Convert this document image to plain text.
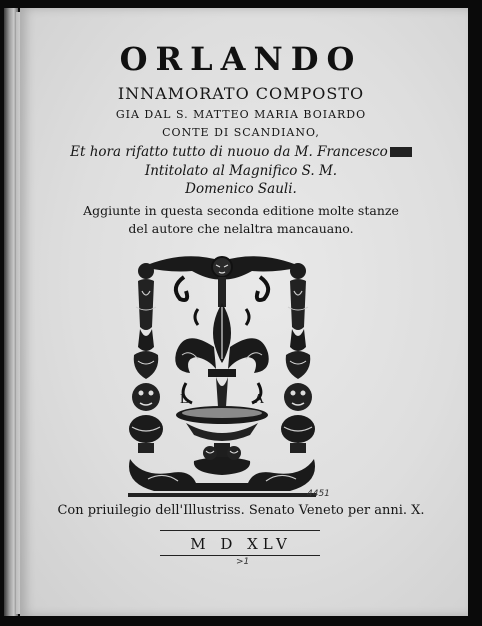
ORLANDO
INNAMORATO COMPOSTO
GIA DAL S. MATTEO MARIA BOIARDO
CONTE DI SCANDIANO,
Et hora rifatto tutto di nuouo da M. Francesco
Intitolato al Magnifico S. M.
Domenico Sauli.
Aggiunte in questa seconda editione molte stanze
del autore che nelaltra mancauano.
L	A
4451
Con priuilegio dell'Illustriss. Senato Veneto per anni. X.
M D XLV
>1
